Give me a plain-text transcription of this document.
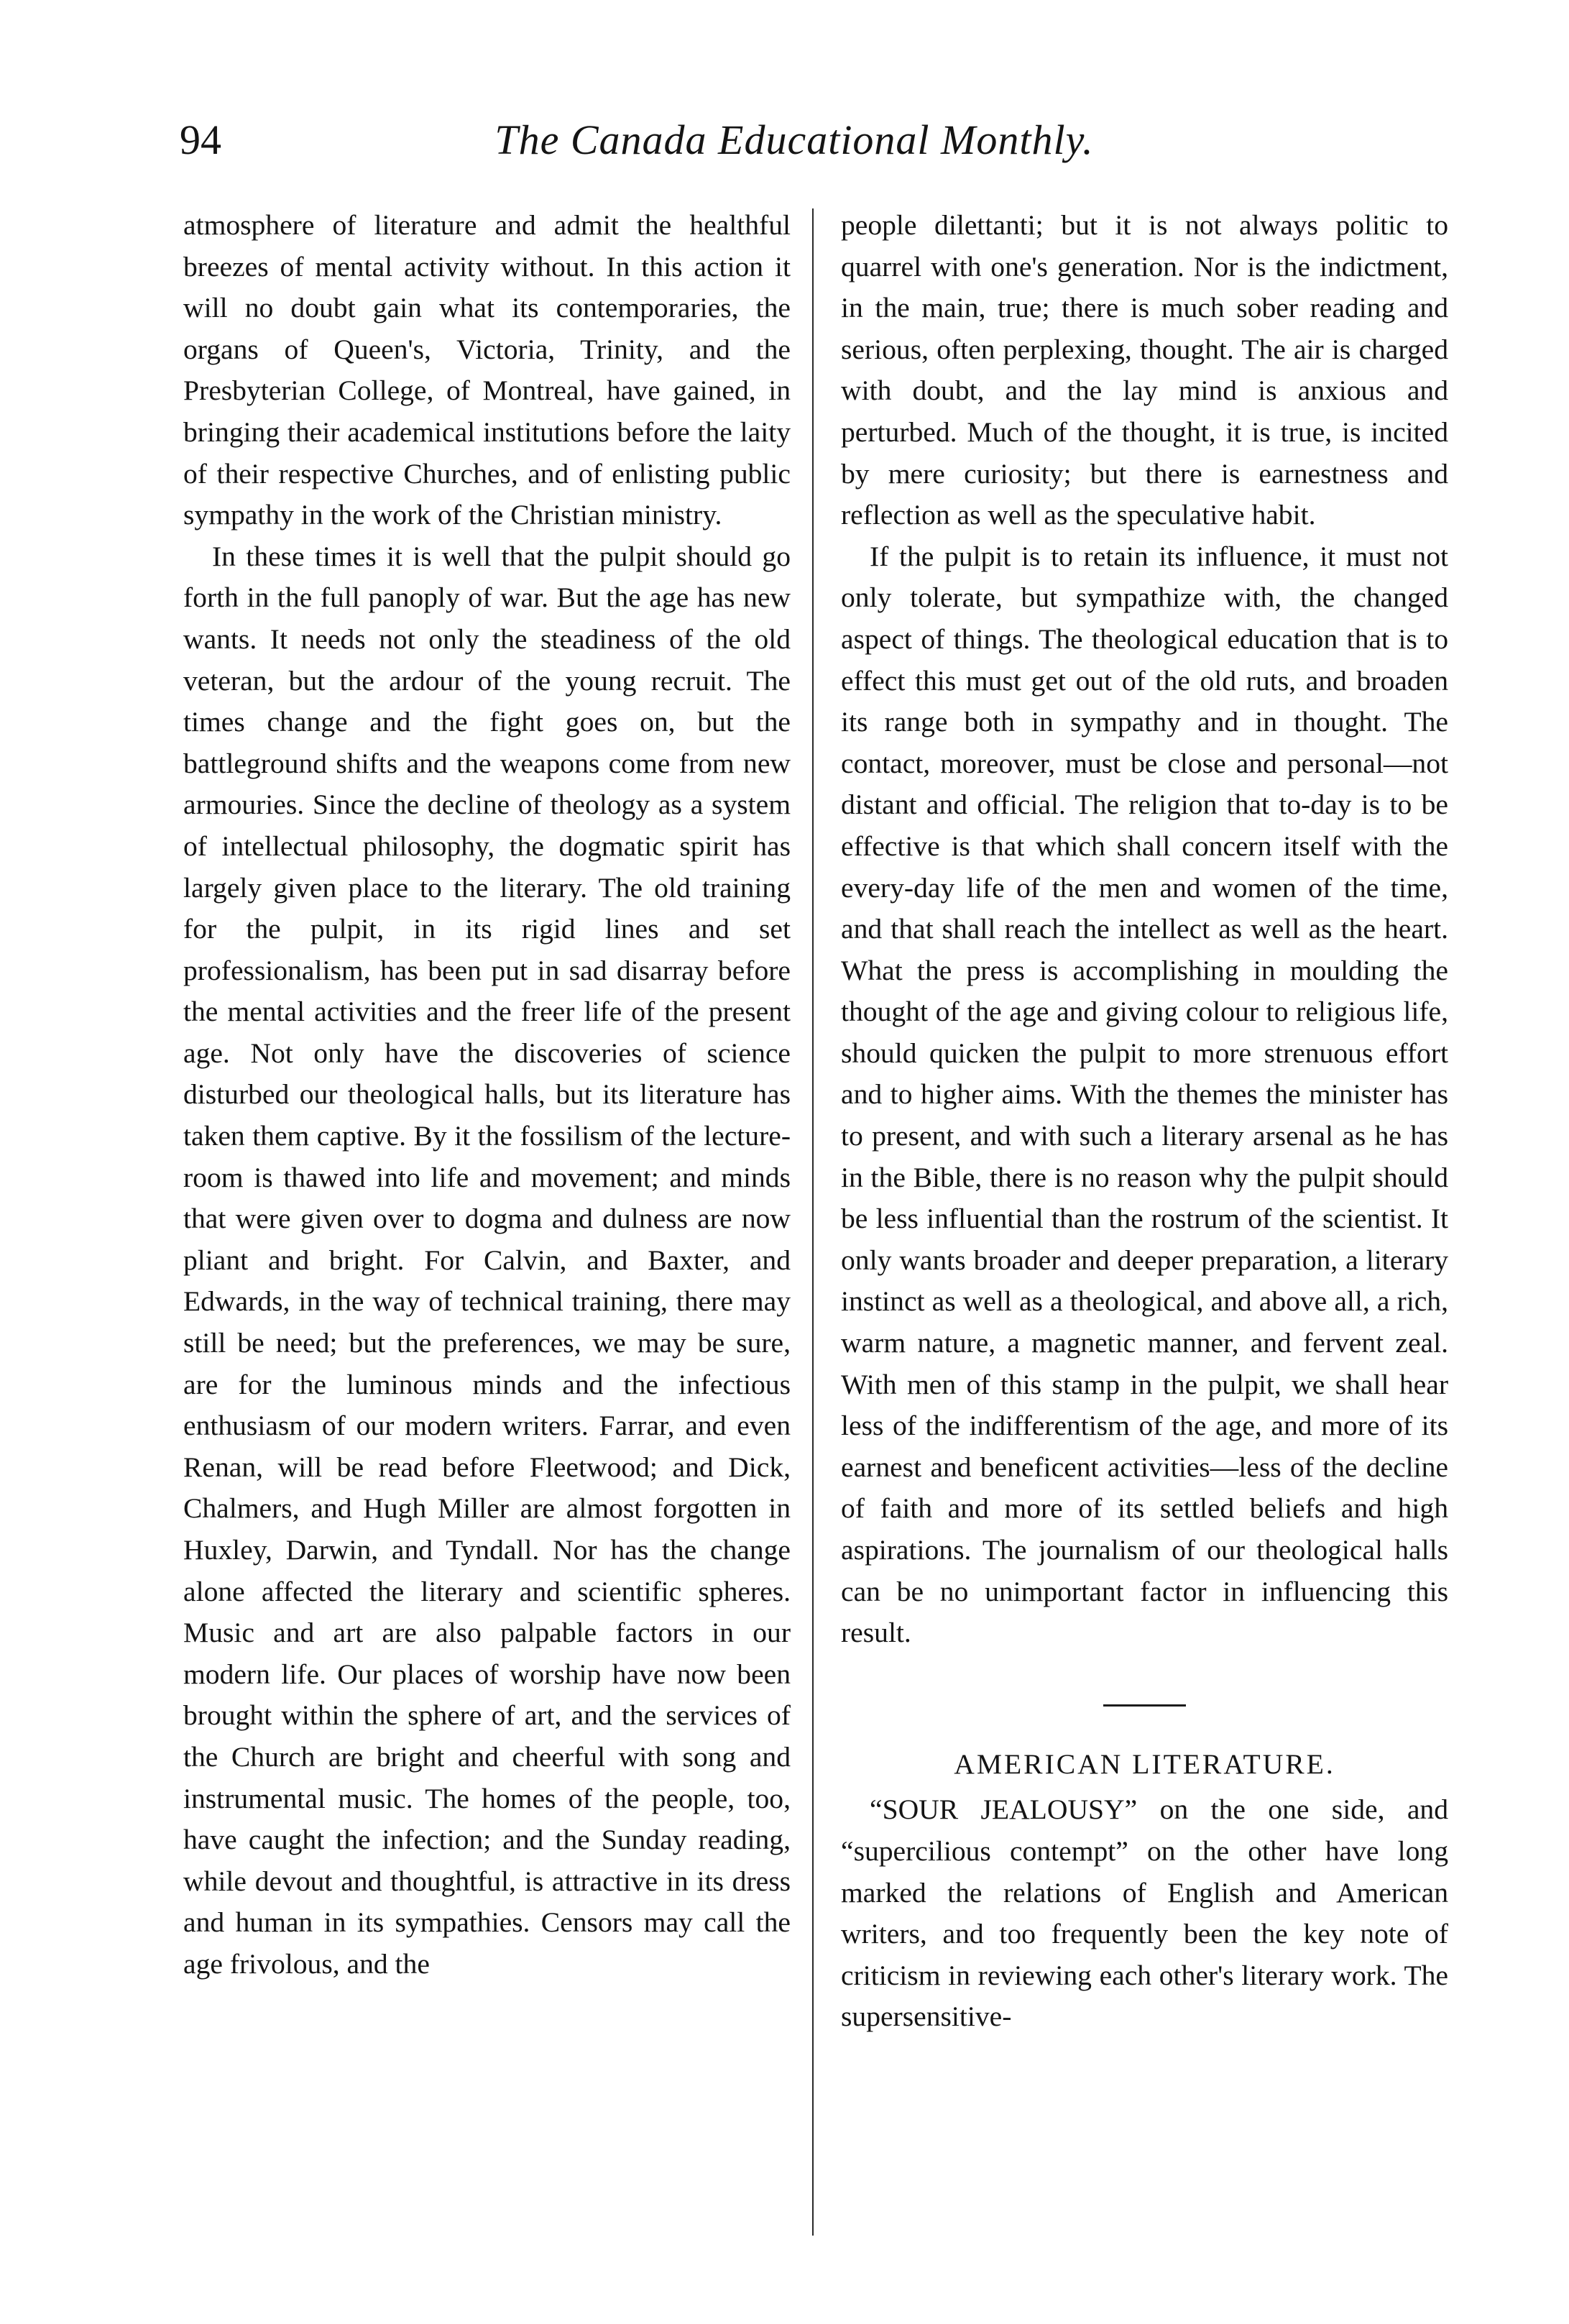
94	The Canada Educational Monthly.

atmosphere of literature and admit the healthful breezes of mental activity without. In this action it will no doubt gain what its contemporaries, the organs of Queen's, Victoria, Trinity, and the Presbyterian College, of Montreal, have gained, in bringing their academical institutions before the laity of their respective Churches, and of enlisting public sympathy in the work of the Christian ministry.

In these times it is well that the pulpit should go forth in the full panoply of war. But the age has new wants. It needs not only the steadiness of the old veteran, but the ardour of the young recruit. The times change and the fight goes on, but the battleground shifts and the weapons come from new armouries. Since the decline of theology as a system of intellectual philosophy, the dogmatic spirit has largely given place to the literary. The old training for the pulpit, in its rigid lines and set professionalism, has been put in sad disarray before the mental activities and the freer life of the present age. Not only have the discoveries of science disturbed our theological halls, but its literature has taken them captive. By it the fossilism of the lecture-room is thawed into life and movement; and minds that were given over to dogma and dulness are now pliant and bright. For Calvin, and Baxter, and Edwards, in the way of technical training, there may still be need; but the preferences, we may be sure, are for the luminous minds and the infectious enthusiasm of our modern writers. Farrar, and even Renan, will be read before Fleetwood; and Dick, Chalmers, and Hugh Miller are almost forgotten in Huxley, Darwin, and Tyndall. Nor has the change alone affected the literary and scientific spheres. Music and art are also palpable factors in our modern life. Our places of worship have now been brought within the sphere of art, and the services of the Church are bright and cheerful with song and instrumental music. The homes of the people, too, have caught the infection; and the Sunday reading, while devout and thoughtful, is attractive in its dress and human in its sympathies. Censors may call the age frivolous, and the

people dilettanti; but it is not always politic to quarrel with one's generation. Nor is the indictment, in the main, true; there is much sober reading and serious, often perplexing, thought. The air is charged with doubt, and the lay mind is anxious and perturbed. Much of the thought, it is true, is incited by mere curiosity; but there is earnestness and reflection as well as the speculative habit.

If the pulpit is to retain its influence, it must not only tolerate, but sympathize with, the changed aspect of things. The theological education that is to effect this must get out of the old ruts, and broaden its range both in sympathy and in thought. The contact, moreover, must be close and personal—not distant and official. The religion that to-day is to be effective is that which shall concern itself with the every-day life of the men and women of the time, and that shall reach the intellect as well as the heart. What the press is accomplishing in moulding the thought of the age and giving colour to religious life, should quicken the pulpit to more strenuous effort and to higher aims. With the themes the minister has to present, and with such a literary arsenal as he has in the Bible, there is no reason why the pulpit should be less influential than the rostrum of the scientist. It only wants broader and deeper preparation, a literary instinct as well as a theological, and above all, a rich, warm nature, a magnetic manner, and fervent zeal. With men of this stamp in the pulpit, we shall hear less of the indifferentism of the age, and more of its earnest and beneficent activities—less of the decline of faith and more of its settled beliefs and high aspirations. The journalism of our theological halls can be no unimportant factor in influencing this result.

AMERICAN LITERATURE.

“SOUR JEALOUSY” on the one side, and “supercilious contempt” on the other have long marked the relations of English and American writers, and too frequently been the key note of criticism in reviewing each other's literary work. The supersensitive-
